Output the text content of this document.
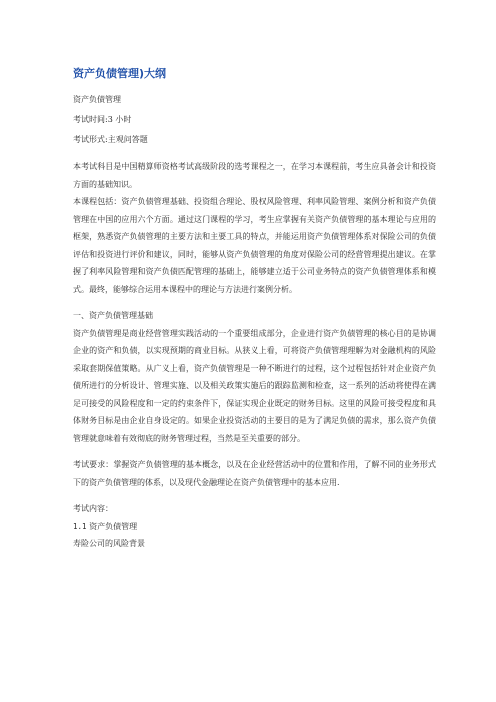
资产负债管理)大纲
资产负债管理
考试时间:3 小时
考试形式:主观问答题

本考试科目是中国精算师资格考试高级阶段的选考课程之一，在学习本课程前，考生应具备会计和投资方面的基础知识。

本课程包括：资产负债管理基础、投资组合理论、股权风险管理、利率风险管理、案例分析和资产负债管理在中国的应用六个方面。通过这门课程的学习，考生应掌握有关资产负债管理的基本理论与应用的框架，熟悉资产负债管理的主要方法和主要工具的特点，并能运用资产负债管理体系对保险公司的负债评估和投资进行评价和建议，同时，能够从资产负债管理的角度对保险公司的经营管理提出建议。在掌握了利率风险管理和资产负债匹配管理的基础上，能够建立适于公司业务特点的资产负债管理体系和模式。最终，能够综合运用本课程中的理论与方法进行案例分析。

一、资产负债管理基础

资产负债管理是商业经营管理实践活动的一个重要组成部分，企业进行资产负债管理的核心目的是协调企业的资产和负债，以实现预期的商业目标。从狭义上看，可将资产负债管理理解为对金融机构的风险采取套期保值策略。从广义上看，资产负债管理是一种不断进行的过程，这个过程包括针对企业资产负债所进行的分析设计、管理实施、以及相关政策实施后的跟踪监测和检查，这一系列的活动将使得在满足可接受的风险程度和一定的约束条件下，保证实现企业既定的财务目标。这里的风险可接受程度和具体财务目标是由企业自身设定的。如果企业投资活动的主要目的是为了满足负债的需求，那么资产负债管理就意味着有效彻底的财务管理过程，当然是至关重要的部分。

考试要求：掌握资产负债管理的基本概念，以及在企业经营活动中的位置和作用，了解不同的业务形式下的资产负债管理的体系，以及现代金融理论在资产负债管理中的基本应用.

考试内容：

1.1 资产负债管理

寿险公司的风险背景
